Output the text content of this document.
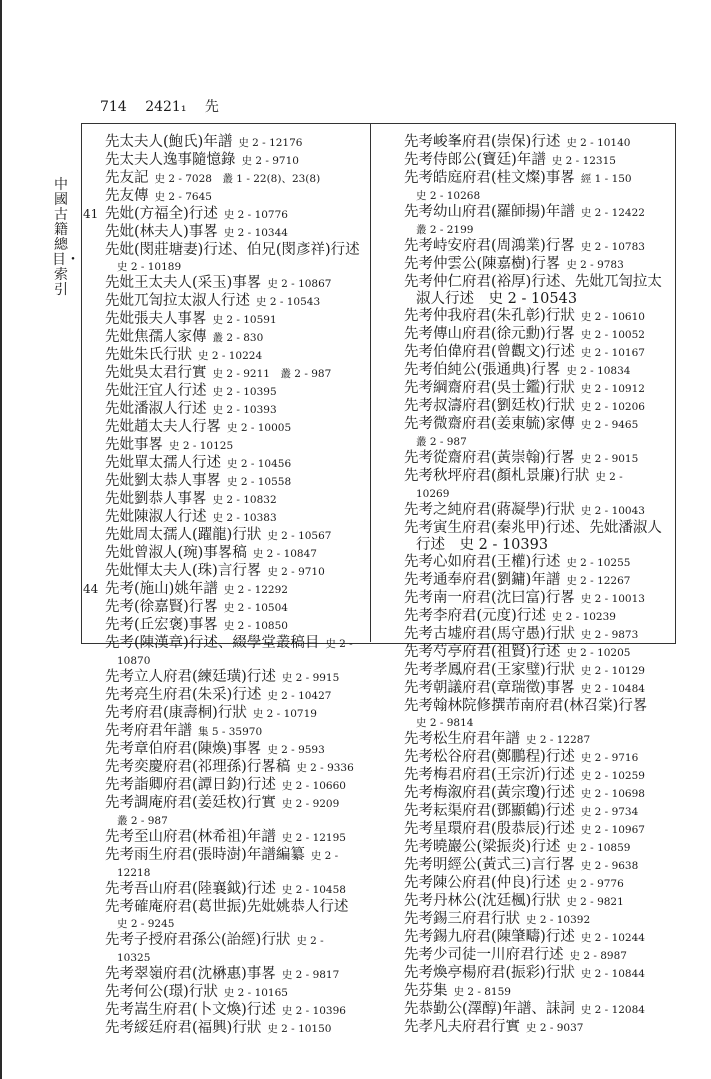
714 2421₁ 先
中國古籍總目・索引
先太夫人(鮑氏)年譜 史 2 - 12176
先太夫人逸事隨憶錄 史 2 - 9710
先友記 史 2 - 7028　叢 1 - 22(8)、23(8)
先友傳 史 2 - 7645
41 先妣(方福全)行述 史 2 - 10776
先妣(林夫人)事畧 史 2 - 10344
先妣(閔莊塘妻)行述、伯兄(閔彥祥)行述
史 2 - 10189
先妣王太夫人(采玉)事畧 史 2 - 10867
先妣兀訇拉太淑人行述 史 2 - 10543
先妣張夫人事畧 史 2 - 10591
先妣焦孺人家傳 叢 2 - 830
先妣朱氏行狀 史 2 - 10224
先妣吳太君行實 史 2 - 9211　叢 2 - 987
先妣汪宜人行述 史 2 - 10395
先妣潘淑人行述 史 2 - 10393
先妣趙太夫人行畧 史 2 - 10005
先妣事畧 史 2 - 10125
先妣單太孺人行述 史 2 - 10456
先妣劉太恭人事畧 史 2 - 10558
先妣劉恭人事畧 史 2 - 10832
先妣陳淑人行述 史 2 - 10383
先妣周太孺人(躍龍)行狀 史 2 - 10567
先妣曾淑人(琬)事畧稿 史 2 - 10847
先妣惲太夫人(珠)言行畧 史 2 - 9710
44 先考(施山)姚年譜 史 2 - 12292
先考(徐嘉賢)行畧 史 2 - 10504
先考(丘宏褒)事畧 史 2 - 10850
先考(陳漢章)行述、綴學堂叢稿目 史 2 -
10870
先考立人府君(練廷璜)行述 史 2 - 9915
先考亮生府君(朱采)行述 史 2 - 10427
先考府君(康壽桐)行狀 史 2 - 10719
先考府君年譜 集 5 - 35970
先考章伯府君(陳煥)事畧 史 2 - 9593
先考奕慶府君(祁理孫)行畧稿 史 2 - 9336
先考詣卿府君(譚日鈞)行述 史 2 - 10660
先考調庵府君(姜廷枚)行實 史 2 - 9209
叢 2 - 987
先考至山府君(林希祖)年譜 史 2 - 12195
先考雨生府君(張時澍)年譜編纂 史 2 -
12218
先考吾山府君(陸襄鉞)行述 史 2 - 10458
先考確庵府君(葛世振)先妣姚恭人行述
史 2 - 9245
先考子授府君孫公(詒經)行狀 史 2 -
10325
先考翠嶺府君(沈楙惠)事畧 史 2 - 9817
先考何公(璟)行狀 史 2 - 10165
先考嵩生府君(卜文煥)行述 史 2 - 10396
先考綏廷府君(福興)行狀 史 2 - 10150
先考峻峯府君(崇保)行述 史 2 - 10140
先考侍郎公(寶廷)年譜 史 2 - 12315
先考皓庭府君(桂文燦)事畧 經 1 - 150
史 2 - 10268
先考幼山府君(羅師揚)年譜 史 2 - 12422
叢 2 - 2199
先考峙安府君(周鴻業)行畧 史 2 - 10783
先考仲雲公(陳嘉樹)行畧 史 2 - 9783
先考仲仁府君(裕厚)行述、先妣兀訇拉太
淑人行述　史 2 - 10543
先考仲我府君(朱孔彰)行狀 史 2 - 10610
先考傳山府君(徐元勳)行畧 史 2 - 10052
先考伯偉府君(曾觀文)行述 史 2 - 10167
先考伯純公(張通典)行畧 史 2 - 10834
先考綱齋府君(吳士鑑)行狀 史 2 - 10912
先考叔濤府君(劉廷枚)行狀 史 2 - 10206
先考微齋府君(姜東毓)家傳 史 2 - 9465
叢 2 - 987
先考從齋府君(黃崇翰)行畧 史 2 - 9015
先考秋坪府君(顏札景廉)行狀 史 2 -
10269
先考之純府君(蔣凝學)行狀 史 2 - 10043
先考寅生府君(秦兆甲)行述、先妣潘淑人
行述　史 2 - 10393
先考心如府君(王權)行述 史 2 - 10255
先考通奉府君(劉鏞)年譜 史 2 - 12267
先考南一府君(沈曰富)行畧 史 2 - 10013
先考李府君(元度)行述 史 2 - 10239
先考古墟府君(馬守愚)行狀 史 2 - 9873
先考芍亭府君(祖賢)行述 史 2 - 10205
先考孝鳳府君(王家璧)行狀 史 2 - 10129
先考朝議府君(章瑞徵)事畧 史 2 - 10484
先考翰林院修撰芾南府君(林召棠)行畧
史 2 - 9814
先考松生府君年譜 史 2 - 12287
先考松谷府君(鄭鵬程)行述 史 2 - 9716
先考梅君府君(王宗沂)行述 史 2 - 10259
先考梅溆府君(黃宗瓊)行述 史 2 - 10698
先考耘渠府君(鄧顯鶴)行述 史 2 - 9734
先考星環府君(殷恭辰)行述 史 2 - 10967
先考曉巖公(梁振炎)行述 史 2 - 10859
先考明經公(黃式三)言行畧 史 2 - 9638
先考陳公府君(仲良)行述 史 2 - 9776
先考丹林公(沈廷楓)行狀 史 2 - 9821
先考錫三府君行狀 史 2 - 10392
先考錫九府君(陳肇疇)行述 史 2 - 10244
先考少司徒一川府君行述 史 2 - 8987
先考煥亭楊府君(振彩)行狀 史 2 - 10844
先芬集 史 2 - 8159
先恭勤公(澤醇)年譜、誄詞 史 2 - 12084
先孝凡夫府君行實 史 2 - 9037
